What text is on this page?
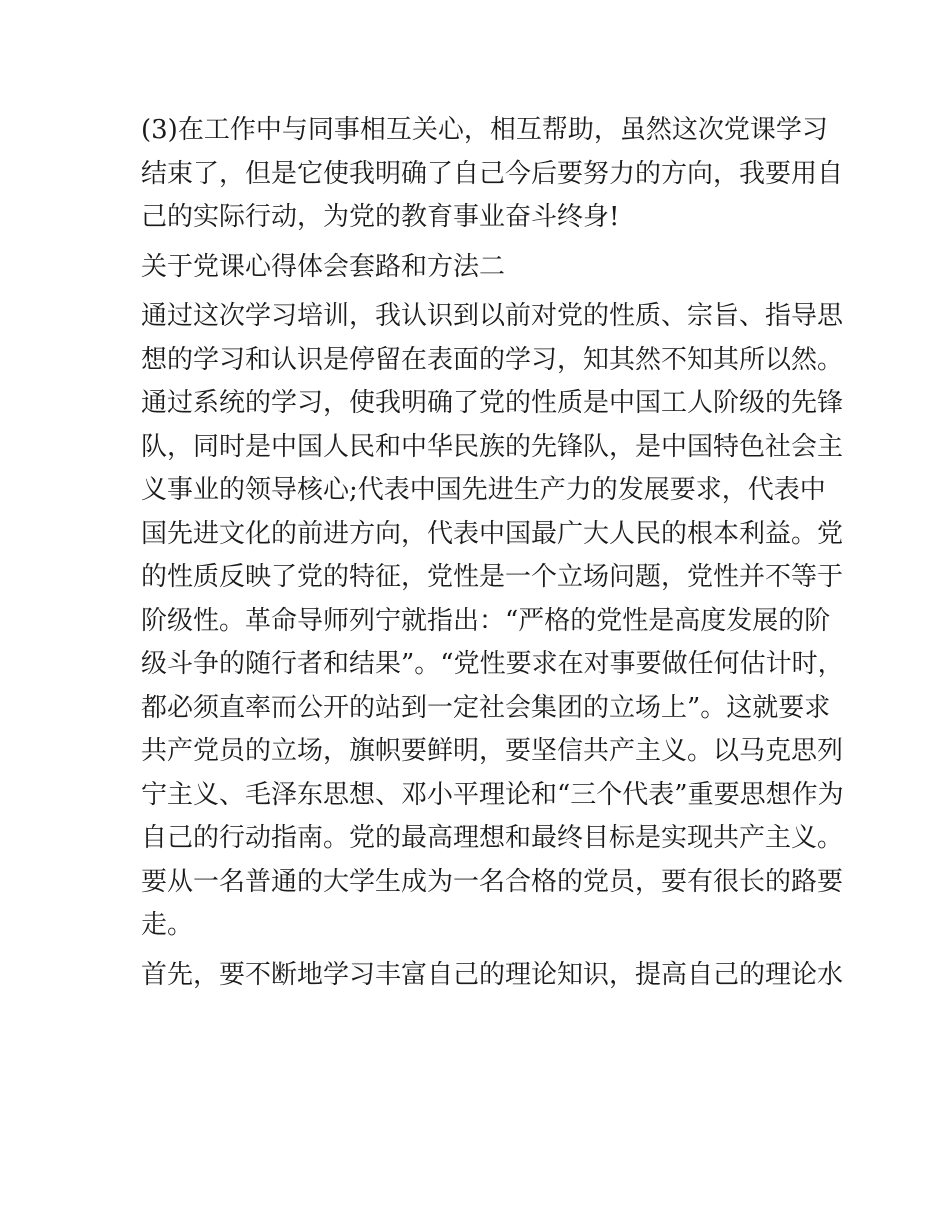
(3)在工作中与同事相互关心，相互帮助，虽然这次党课学习
结束了，但是它使我明确了自己今后要努力的方向，我要用自
己的实际行动，为党的教育事业奋斗终身!
关于党课心得体会套路和方法二
通过这次学习培训，我认识到以前对党的性质、宗旨、指导思
想的学习和认识是停留在表面的学习，知其然不知其所以然。
通过系统的学习，使我明确了党的性质是中国工人阶级的先锋
队，同时是中国人民和中华民族的先锋队，是中国特色社会主
义事业的领导核心;代表中国先进生产力的发展要求，代表中
国先进文化的前进方向，代表中国最广大人民的根本利益。党
的性质反映了党的特征，党性是一个立场问题，党性并不等于
阶级性。革命导师列宁就指出：“严格的党性是高度发展的阶
级斗争的随行者和结果”。“党性要求在对事要做任何估计时，
都必须直率而公开的站到一定社会集团的立场上”。这就要求
共产党员的立场，旗帜要鲜明，要坚信共产主义。以马克思列
宁主义、毛泽东思想、邓小平理论和“三个代表”重要思想作为
自己的行动指南。党的最高理想和最终目标是实现共产主义。
要从一名普通的大学生成为一名合格的党员，要有很长的路要
走。
首先，要不断地学习丰富自己的理论知识，提高自己的理论水
